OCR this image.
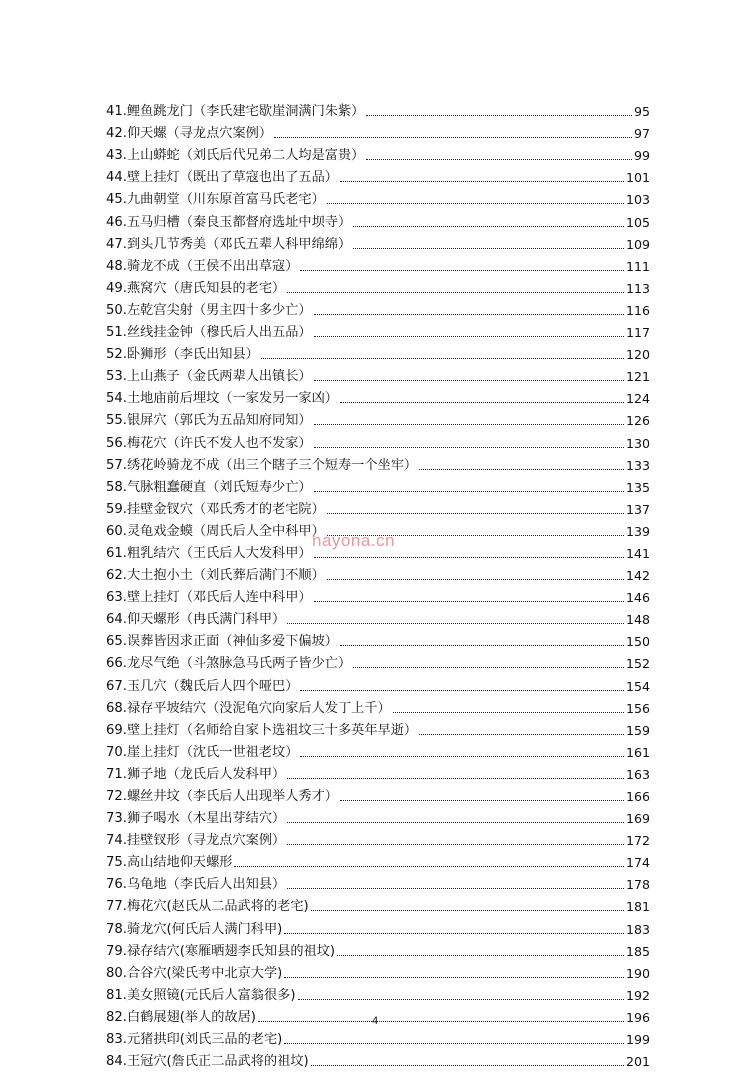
41.鲤鱼跳龙门（李氏建宅歇崖洞满门朱紫）	95
42.仰天螺（寻龙点穴案例）	97
43.上山蟒蛇（刘氏后代兄弟二人均是富贵）	99
44.壁上挂灯（既出了草寇也出了五品）	101
45.九曲朝堂（川东原首富马氏老宅）	103
46.五马归槽（秦良玉都督府选址中坝寺）	105
47.到头几节秀美（邓氏五辈人科甲绵绵）	109
48.骑龙不成（王侯不出出草寇）	111
49.燕窝穴（唐氏知县的老宅）	113
50.左乾宫尖射（男主四十多少亡）	116
51.丝线挂金钟（穆氏后人出五品）	117
52.卧狮形（李氏出知县）	120
53.上山燕子（金氏两辈人出镇长）	121
54.土地庙前后埋坟（一家发另一家凶）	124
55.银屏穴（郭氏为五品知府同知）	126
56.梅花穴（许氏不发人也不发家）	130
57.绣花岭骑龙不成（出三个瞎子三个短寿一个坐牢）	133
58.气脉粗蠢硬直（刘氏短寿少亡）	135
59.挂壁金钗穴（邓氏秀才的老宅院）	137
60.灵龟戏金蟆（周氏后人全中科甲）	139
61.粗乳结穴（王氏后人大发科甲）	141
62.大土抱小土（刘氏葬后满门不顺）	142
63.壁上挂灯（邓氏后人连中科甲）	146
64.仰天螺形（冉氏满门科甲）	148
65.误葬皆因求正面（神仙多爱下偏坡）	150
66.龙尽气绝（斗煞脉急马氏两子皆少亡）	152
67.玉几穴（魏氏后人四个哑巴）	154
68.禄存平坡结穴（没泥龟穴向家后人发丁上千）	156
69.壁上挂灯（名师给自家卜选祖坟三十多英年早逝）	159
70.崖上挂灯（沈氏一世祖老坟）	161
71.狮子地（龙氏后人发科甲）	163
72.螺丝井坟（李氏后人出现举人秀才）	166
73.狮子喝水（木星出芽结穴）	169
74.挂壁钗形（寻龙点穴案例）	172
75.高山结地仰天螺形	174
76.乌龟地（李氏后人出知县）	178
77.梅花穴(赵氏从二品武将的老宅)	181
78.骑龙穴(何氏后人满门科甲)	183
79.禄存结穴(寒雁晒翅李氏知县的祖坟)	185
80.合谷穴(梁氏考中北京大学)	190
81.美女照镜(元氏后人富翁很多)	192
82.白鹤展翅(举人的故居)	196
83.元猪拱印(刘氏三品的老宅)	199
84.王冠穴(詹氏正二品武将的祖坟)	201
hayona.cn
4
